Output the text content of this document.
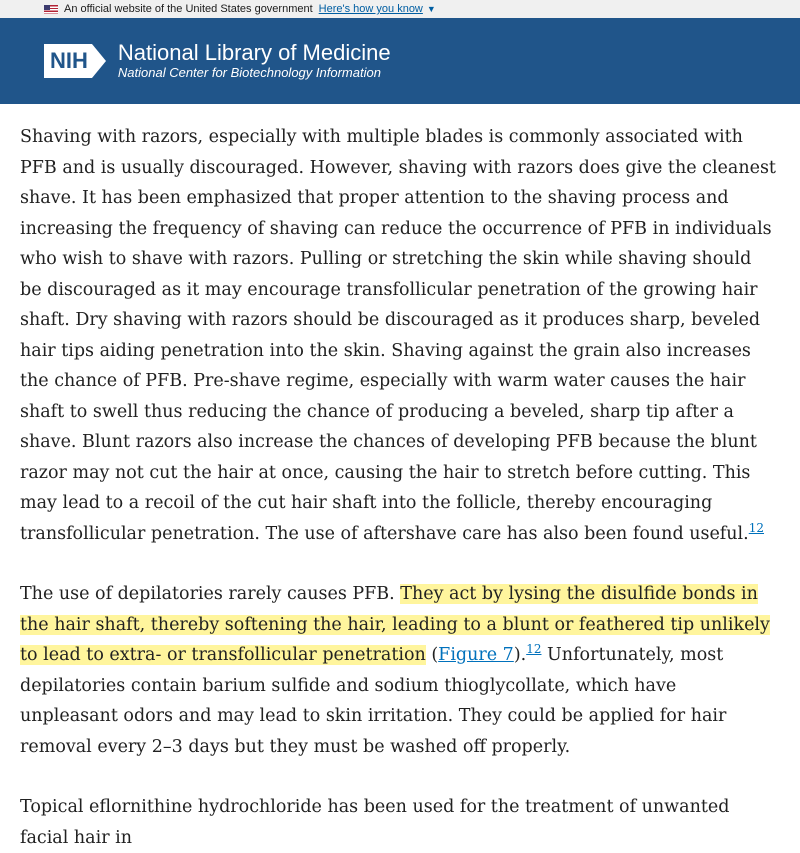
An official website of the United States government Here's how you know ▼
NIH National Library of Medicine
National Center for Biotechnology Information

Shaving with razors, especially with multiple blades is commonly associated with PFB and is usually discouraged. However, shaving with razors does give the cleanest shave. It has been emphasized that proper attention to the shaving process and increasing the frequency of shaving can reduce the occurrence of PFB in individuals who wish to shave with razors. Pulling or stretching the skin while shaving should be discouraged as it may encourage transfollicular penetration of the growing hair shaft. Dry shaving with razors should be discouraged as it produces sharp, beveled hair tips aiding penetration into the skin. Shaving against the grain also increases the chance of PFB. Pre-shave regime, especially with warm water causes the hair shaft to swell thus reducing the chance of producing a beveled, sharp tip after a shave. Blunt razors also increase the chances of developing PFB because the blunt razor may not cut the hair at once, causing the hair to stretch before cutting. This may lead to a recoil of the cut hair shaft into the follicle, thereby encouraging transfollicular penetration. The use of aftershave care has also been found useful.$^{12}$

The use of depilatories rarely causes PFB. They act by lysing the disulfide bonds in the hair shaft, thereby softening the hair, leading to a blunt or feathered tip unlikely to lead to extra- or transfollicular penetration (Figure 7).$^{12}$ Unfortunately, most depilatories contain barium sulfide and sodium thioglycollate, which have unpleasant odors and may lead to skin irritation. They could be applied for hair removal every 2–3 days but they must be washed off properly.

Topical eflornithine hydrochloride has been used for the treatment of unwanted facial hair in
